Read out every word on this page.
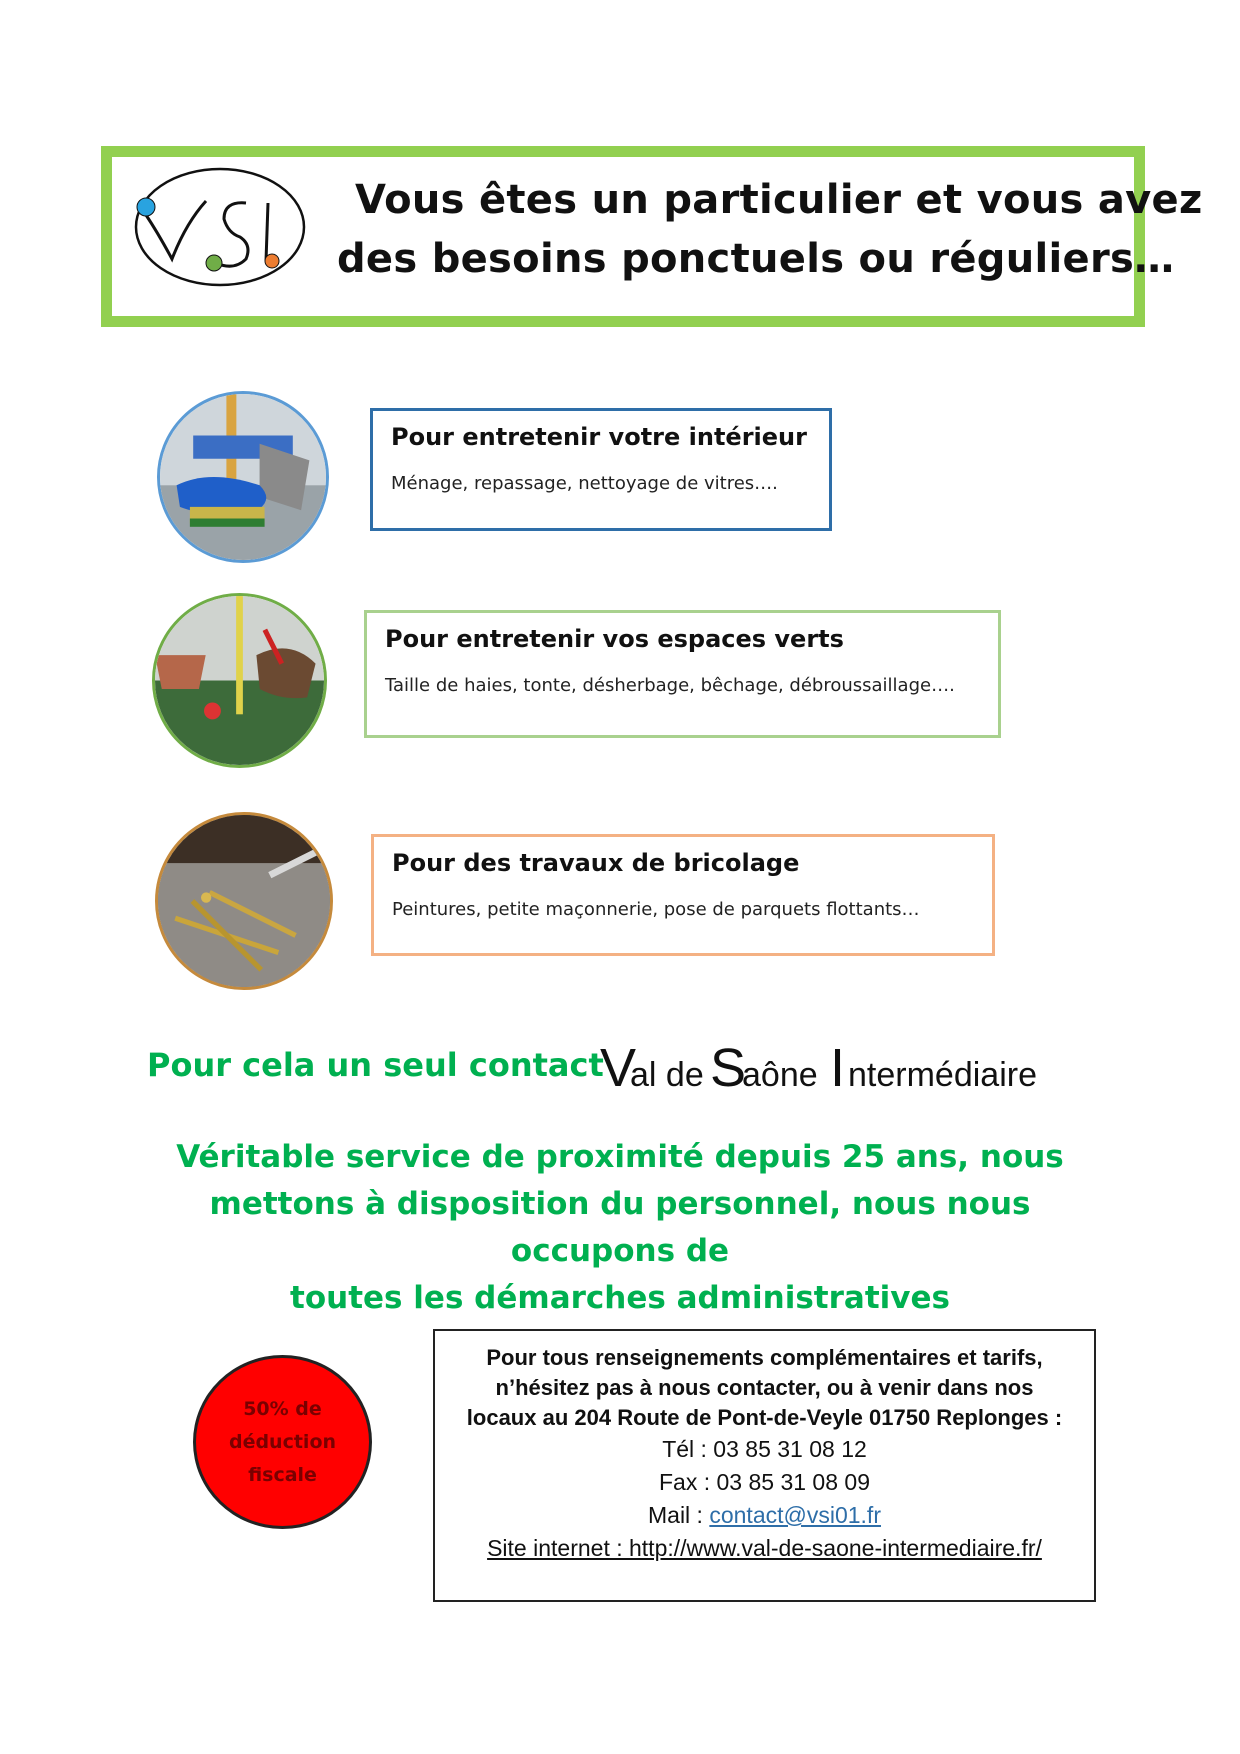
Vous êtes un particulier et vous avez
des besoins ponctuels ou réguliers…
Pour entretenir votre intérieur
Ménage, repassage, nettoyage de vitres….
Pour entretenir vos espaces verts
Taille de haies, tonte, désherbage, bêchage, débroussaillage….
Pour des travaux de bricolage
Peintures, petite maçonnerie, pose de parquets flottants…
Pour cela un seul contact
V
al de S
aône I ntermédiaire
Véritable service de proximité depuis 25 ans, nous
mettons à disposition du personnel, nous nous occupons de
toutes les démarches administratives
50% de
déduction
fiscale
Pour tous renseignements complémentaires et tarifs,
n’hésitez pas à nous contacter, ou à venir dans nos
locaux au 204 Route de Pont-de-Veyle 01750 Replonges :
Tél : 03 85 31 08 12
Fax : 03 85 31 08 09
Mail : contact@vsi01.fr
Site internet : http://www.val-de-saone-intermediaire.fr/
